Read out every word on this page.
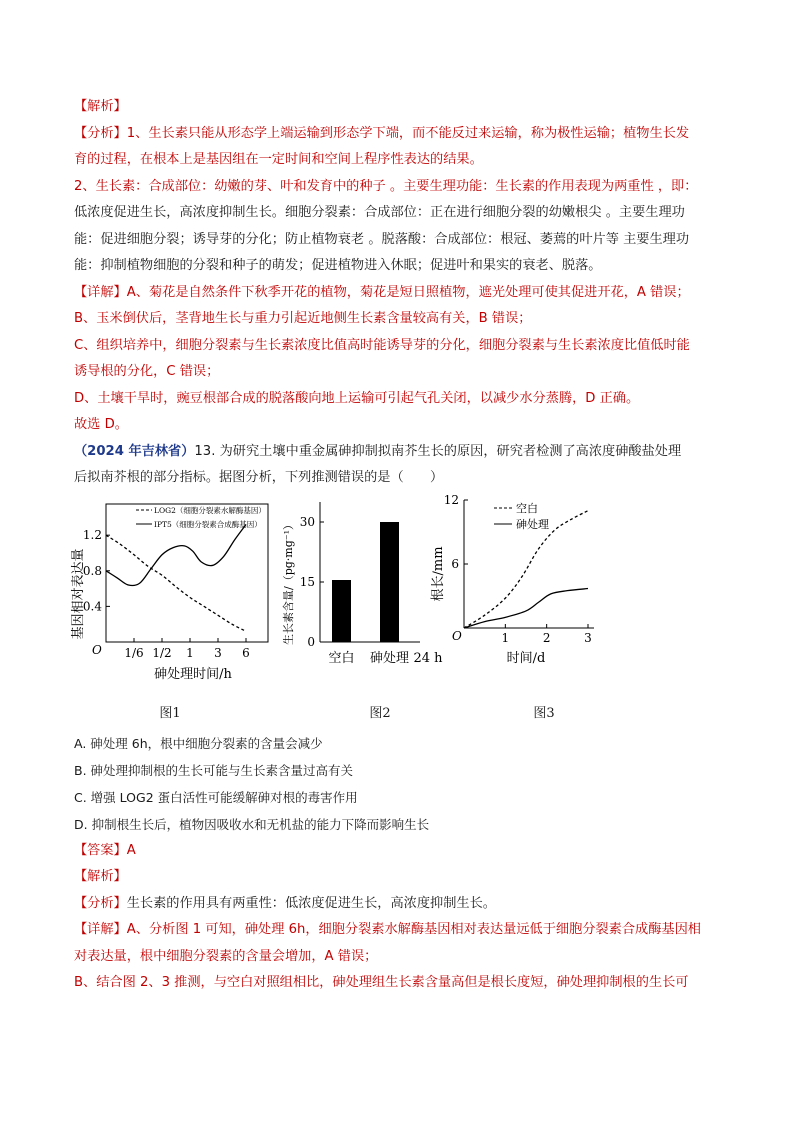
【解析】
【分析】1、生长素只能从形态学上端运输到形态学下端，而不能反过来运输，称为极性运输；植物生长发
育的过程，在根本上是基因组在一定时间和空间上程序性表达的结果。
2、生长素：合成部位：幼嫩的芽、叶和发育中的种子 。主要生理功能：生长素的作用表现为两重性 ，即：
低浓度促进生长，高浓度抑制生长。细胞分裂素：合成部位：正在进行细胞分裂的幼嫩根尖 。主要生理功
能：促进细胞分裂；诱导芽的分化；防止植物衰老 。脱落酸：合成部位：根冠、萎蔫的叶片等 主要生理功
能：抑制植物细胞的分裂和种子的萌发；促进植物进入休眠；促进叶和果实的衰老、脱落。
【详解】A、菊花是自然条件下秋季开花的植物，菊花是短日照植物，遮光处理可使其促进开花，A 错误；
B、玉米倒伏后，茎背地生长与重力引起近地侧生长素含量较高有关，B 错误；
C、组织培养中，细胞分裂素与生长素浓度比值高时能诱导芽的分化，细胞分裂素与生长素浓度比值低时能
诱导根的分化，C 错误；
D、土壤干旱时，豌豆根部合成的脱落酸向地上运输可引起气孔关闭，以减少水分蒸腾，D 正确。
故选 D。
（2024 年吉林省）13. 为研究土壤中重金属砷抑制拟南芥生长的原因，研究者检测了高浓度砷酸盐处理
后拟南芥根的部分指标。据图分析，下列推测错误的是（　　）
基因相对表达量
砷处理时间/h
LOG2（细胞分裂素水解酶基因）
IPT5（细胞分裂素合成酶基因）
O
0.4
0.8
1.2
1/6 1/2 1 3 6
图1
生长素含量/（pg·mg⁻¹）
24 h
0
15
30
空白 砷处理
图2
根长/mm
时间/d
空白
砷处理
O
6
12
1	2	3
图3
A. 砷处理 6h，根中细胞分裂素的含量会减少
B. 砷处理抑制根的生长可能与生长素含量过高有关
C. 增强 LOG2 蛋白活性可能缓解砷对根的毒害作用
D. 抑制根生长后，植物因吸收水和无机盐的能力下降而影响生长
【答案】A
【解析】
【分析】生长素的作用具有两重性：低浓度促进生长，高浓度抑制生长。
【详解】A、分析图 1 可知，砷处理 6h，细胞分裂素水解酶基因相对表达量远低于细胞分裂素合成酶基因相
对表达量，根中细胞分裂素的含量会增加，A 错误；
B、结合图 2、3 推测，与空白对照组相比，砷处理组生长素含量高但是根长度短，砷处理抑制根的生长可
